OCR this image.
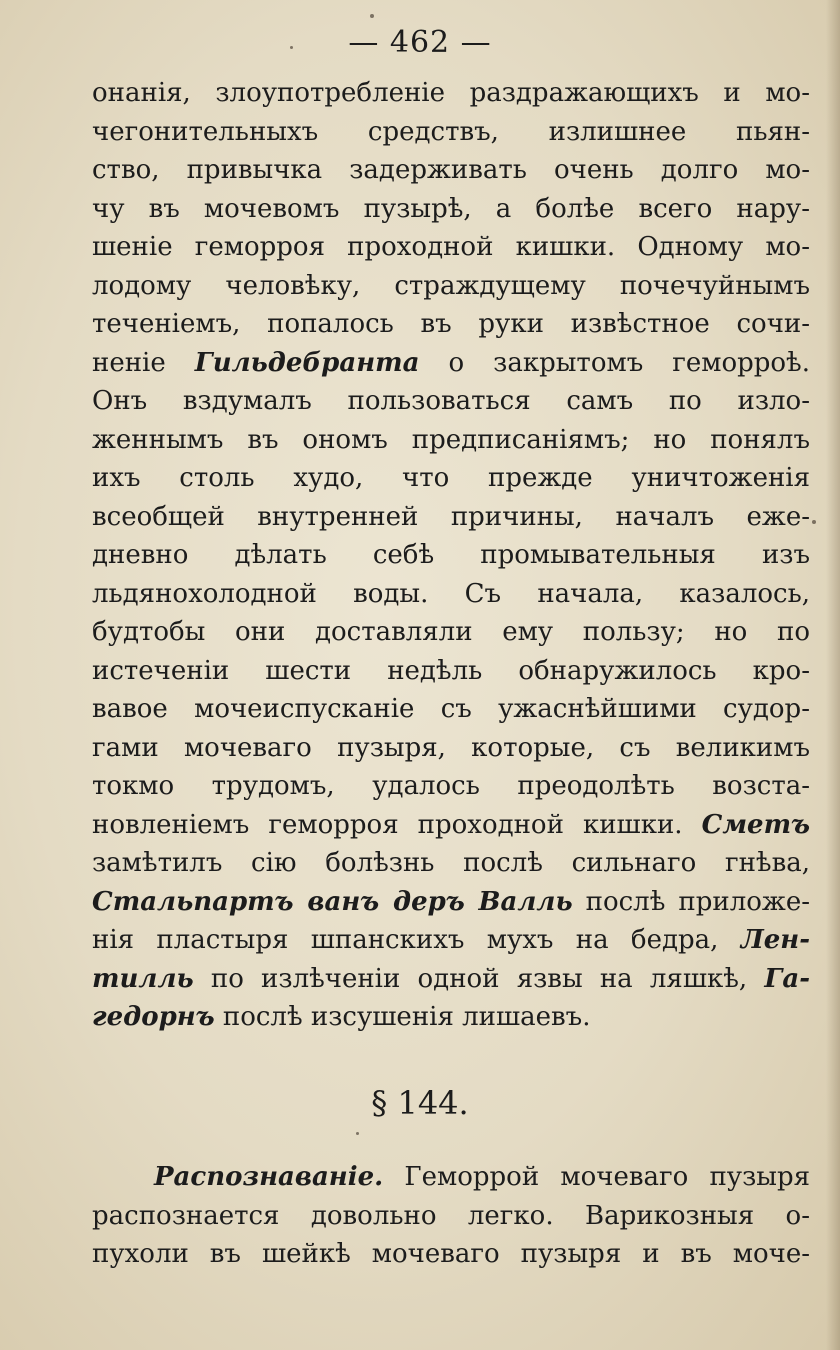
— 462 —
онанія, злоупотребленіе раздражающихъ и мо-
чегонительныхъ средствъ, излишнее пьян-
ство, привычка задерживать очень долго мо-
чу въ мочевомъ пузырѣ, а болѣе всего нару-
шеніе геморроя проходной кишки. Одному мо-
лодому человѣку, страждущему почечуйнымъ
теченіемъ, попалось въ руки извѣстное сочи-
неніе Гильдебранта о закрытомъ геморроѣ.
Онъ вздумалъ пользоваться самъ по изло-
женнымъ въ ономъ предписаніямъ; но понялъ
ихъ столь худо, что прежде уничтоженія
всеобщей внутренней причины, началъ еже-
дневно дѣлать себѣ промывательныя изъ
льдянохолодной воды. Съ начала, казалось,
будтобы они доставляли ему пользу; но по
истеченіи шести недѣль обнаружилось кро-
вавое мочеиспусканіе съ ужаснѣйшими судор-
гами мочеваго пузыря, которые, съ великимъ
токмо трудомъ, удалось преодолѣть возста-
новленіемъ геморроя проходной кишки. Сметъ
замѣтилъ сію болѣзнь послѣ сильнаго гнѣва,
Стальпартъ ванъ деръ Валль послѣ приложе-
нія пластыря шпанскихъ мухъ на бедра, Лен-
тилль по излѣченіи одной язвы на ляшкѣ, Га-
гедорнъ послѣ изсушенія лишаевъ.
§ 144.
Распознаваніе. Геморрой мочеваго пузыря
распознается довольно легко. Варикозныя о-
пухоли въ шейкѣ мочеваго пузыря и въ моче-
